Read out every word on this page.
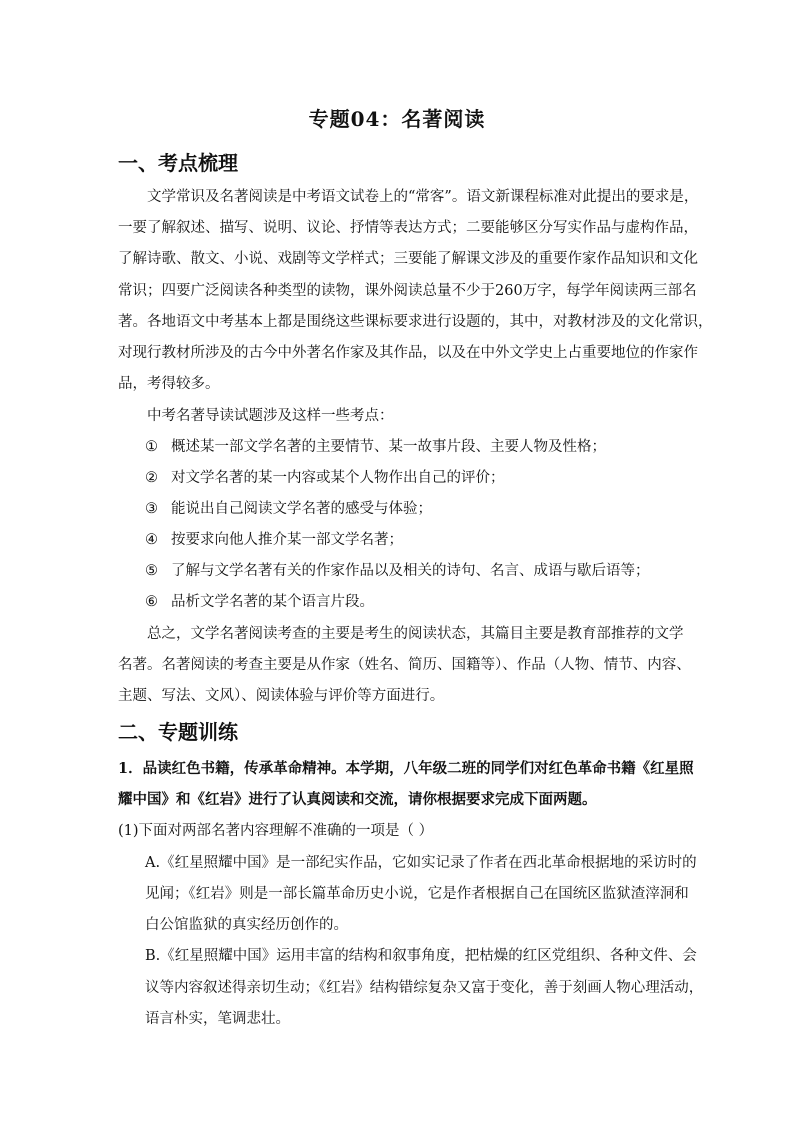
专题04：名著阅读
一、考点梳理
文学常识及名著阅读是中考语文试卷上的“常客”。语文新课程标准对此提出的要求是，
一要了解叙述、描写、说明、议论、抒情等表达方式；二要能够区分写实作品与虚构作品，
了解诗歌、散文、小说、戏剧等文学样式；三要能了解课文涉及的重要作家作品知识和文化
常识；四要广泛阅读各种类型的读物，课外阅读总量不少于260万字，每学年阅读两三部名
著。各地语文中考基本上都是围绕这些课标要求进行设题的，其中，对教材涉及的文化常识，
对现行教材所涉及的古今中外著名作家及其作品，以及在中外文学史上占重要地位的作家作
品，考得较多。
中考名著导读试题涉及这样一些考点：
① 概述某一部文学名著的主要情节、某一故事片段、主要人物及性格；
② 对文学名著的某一内容或某个人物作出自己的评价；
③ 能说出自己阅读文学名著的感受与体验；
④ 按要求向他人推介某一部文学名著；
⑤ 了解与文学名著有关的作家作品以及相关的诗句、名言、成语与歇后语等；
⑥ 品析文学名著的某个语言片段。
总之，文学名著阅读考查的主要是考生的阅读状态，其篇目主要是教育部推荐的文学
名著。名著阅读的考查主要是从作家（姓名、简历、国籍等）、作品（人物、情节、内容、
主题、写法、文风）、阅读体验与评价等方面进行。
二、专题训练
1．品读红色书籍，传承革命精神。本学期，八年级二班的同学们对红色革命书籍《红星照
耀中国》和《红岩》进行了认真阅读和交流，请你根据要求完成下面两题。
(1)下面对两部名著内容理解不准确的一项是（ ）
A.《红星照耀中国》是一部纪实作品，它如实记录了作者在西北革命根据地的采访时的
见闻；《红岩》则是一部长篇革命历史小说，它是作者根据自己在国统区监狱渣滓洞和
白公馆监狱的真实经历创作的。
B.《红星照耀中国》运用丰富的结构和叙事角度，把枯燥的红区党组织、各种文件、会
议等内容叙述得亲切生动；《红岩》结构错综复杂又富于变化，善于刻画人物心理活动，
语言朴实，笔调悲壮。
